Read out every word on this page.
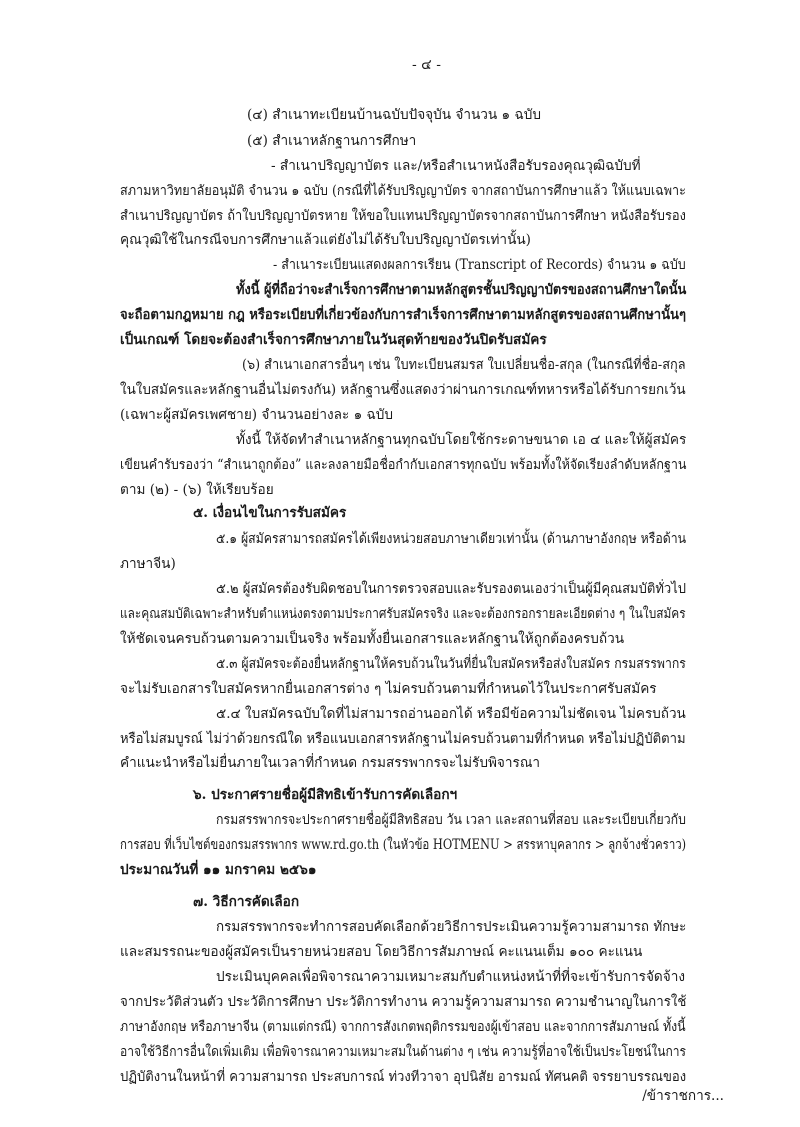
- ๔ -
(๔) สำเนาทะเบียนบ้านฉบับปัจจุบัน จำนวน ๑ ฉบับ
(๕) สำเนาหลักฐานการศึกษา
- สำเนาปริญญาบัตร และ/หรือสำเนาหนังสือรับรองคุณวุฒิฉบับที่
สภามหาวิทยาลัยอนุมัติ จำนวน ๑ ฉบับ (กรณีที่ได้รับปริญญาบัตร จากสถาบันการศึกษาแล้ว ให้แนบเฉพาะ
สำเนาปริญญาบัตร ถ้าใบปริญญาบัตรหาย ให้ขอใบแทนปริญญาบัตรจากสถาบันการศึกษา หนังสือรับรอง
คุณวุฒิใช้ในกรณีจบการศึกษาแล้วแต่ยังไม่ได้รับใบปริญญาบัตรเท่านั้น)
- สำเนาระเบียนแสดงผลการเรียน (Transcript of Records) จำนวน ๑ ฉบับ
ทั้งนี้ ผู้ที่ถือว่าจะสำเร็จการศึกษาตามหลักสูตรชั้นปริญญาบัตรของสถานศึกษาใดนั้น
จะถือตามกฎหมาย กฎ หรือระเบียบที่เกี่ยวข้องกับการสำเร็จการศึกษาตามหลักสูตรของสถานศึกษานั้นๆ
เป็นเกณฑ์ โดยจะต้องสำเร็จการศึกษาภายในวันสุดท้ายของวันปิดรับสมัคร
(๖) สำเนาเอกสารอื่นๆ เช่น ใบทะเบียนสมรส ใบเปลี่ยนชื่อ-สกุล (ในกรณีที่ชื่อ-สกุล
ในใบสมัครและหลักฐานอื่นไม่ตรงกัน) หลักฐานซึ่งแสดงว่าผ่านการเกณฑ์ทหารหรือได้รับการยกเว้น
(เฉพาะผู้สมัครเพศชาย) จำนวนอย่างละ ๑ ฉบับ
ทั้งนี้ ให้จัดทำสำเนาหลักฐานทุกฉบับโดยใช้กระดาษขนาด เอ ๔ และให้ผู้สมัคร
เขียนคำรับรองว่า “สำเนาถูกต้อง” และลงลายมือชื่อกำกับเอกสารทุกฉบับ พร้อมทั้งให้จัดเรียงลำดับหลักฐาน
ตาม (๒) - (๖) ให้เรียบร้อย
๕. เงื่อนไขในการรับสมัคร
๕.๑ ผู้สมัครสามารถสมัครได้เพียงหน่วยสอบภาษาเดียวเท่านั้น (ด้านภาษาอังกฤษ หรือด้าน
ภาษาจีน)
๕.๒ ผู้สมัครต้องรับผิดชอบในการตรวจสอบและรับรองตนเองว่าเป็นผู้มีคุณสมบัติทั่วไป
และคุณสมบัติเฉพาะสำหรับตำแหน่งตรงตามประกาศรับสมัครจริง และจะต้องกรอกรายละเอียดต่าง ๆ ในใบสมัคร
ให้ชัดเจนครบถ้วนตามความเป็นจริง พร้อมทั้งยื่นเอกสารและหลักฐานให้ถูกต้องครบถ้วน
๕.๓ ผู้สมัครจะต้องยื่นหลักฐานให้ครบถ้วนในวันที่ยื่นใบสมัครหรือส่งใบสมัคร กรมสรรพากร
จะไม่รับเอกสารใบสมัครหากยื่นเอกสารต่าง ๆ ไม่ครบถ้วนตามที่กำหนดไว้ในประกาศรับสมัคร
๕.๔ ใบสมัครฉบับใดที่ไม่สามารถอ่านออกได้ หรือมีข้อความไม่ชัดเจน ไม่ครบถ้วน
หรือไม่สมบูรณ์ ไม่ว่าด้วยกรณีใด หรือแนบเอกสารหลักฐานไม่ครบถ้วนตามที่กำหนด หรือไม่ปฏิบัติตาม
คำแนะนำหรือไม่ยื่นภายในเวลาที่กำหนด กรมสรรพากรจะไม่รับพิจารณา
๖. ประกาศรายชื่อผู้มีสิทธิเข้ารับการคัดเลือกฯ
กรมสรรพากรจะประกาศรายชื่อผู้มีสิทธิสอบ วัน เวลา และสถานที่สอบ และระเบียบเกี่ยวกับ
การสอบ ที่เว็บไซต์ของกรมสรรพากร www.rd.go.th (ในหัวข้อ HOTMENU > สรรหาบุคลากร > ลูกจ้างชั่วคราว)
ประมาณวันที่ ๑๑ มกราคม ๒๕๖๑
๗. วิธีการคัดเลือก
กรมสรรพากรจะทำการสอบคัดเลือกด้วยวิธีการประเมินความรู้ความสามารถ ทักษะ
และสมรรถนะของผู้สมัครเป็นรายหน่วยสอบ โดยวิธีการสัมภาษณ์ คะแนนเต็ม ๑๐๐ คะแนน
ประเมินบุคคลเพื่อพิจารณาความเหมาะสมกับตำแหน่งหน้าที่ที่จะเข้ารับการจัดจ้าง
จากประวัติส่วนตัว ประวัติการศึกษา ประวัติการทำงาน ความรู้ความสามารถ ความชำนาญในการใช้
ภาษาอังกฤษ หรือภาษาจีน (ตามแต่กรณี) จากการสังเกตพฤติกรรมของผู้เข้าสอบ และจากการสัมภาษณ์ ทั้งนี้
อาจใช้วิธีการอื่นใดเพิ่มเติม เพื่อพิจารณาความเหมาะสมในด้านต่าง ๆ เช่น ความรู้ที่อาจใช้เป็นประโยชน์ในการ
ปฏิบัติงานในหน้าที่ ความสามารถ ประสบการณ์ ท่วงทีวาจา อุปนิสัย อารมณ์ ทัศนคติ จรรยาบรรณของ
/ข้าราชการ...
